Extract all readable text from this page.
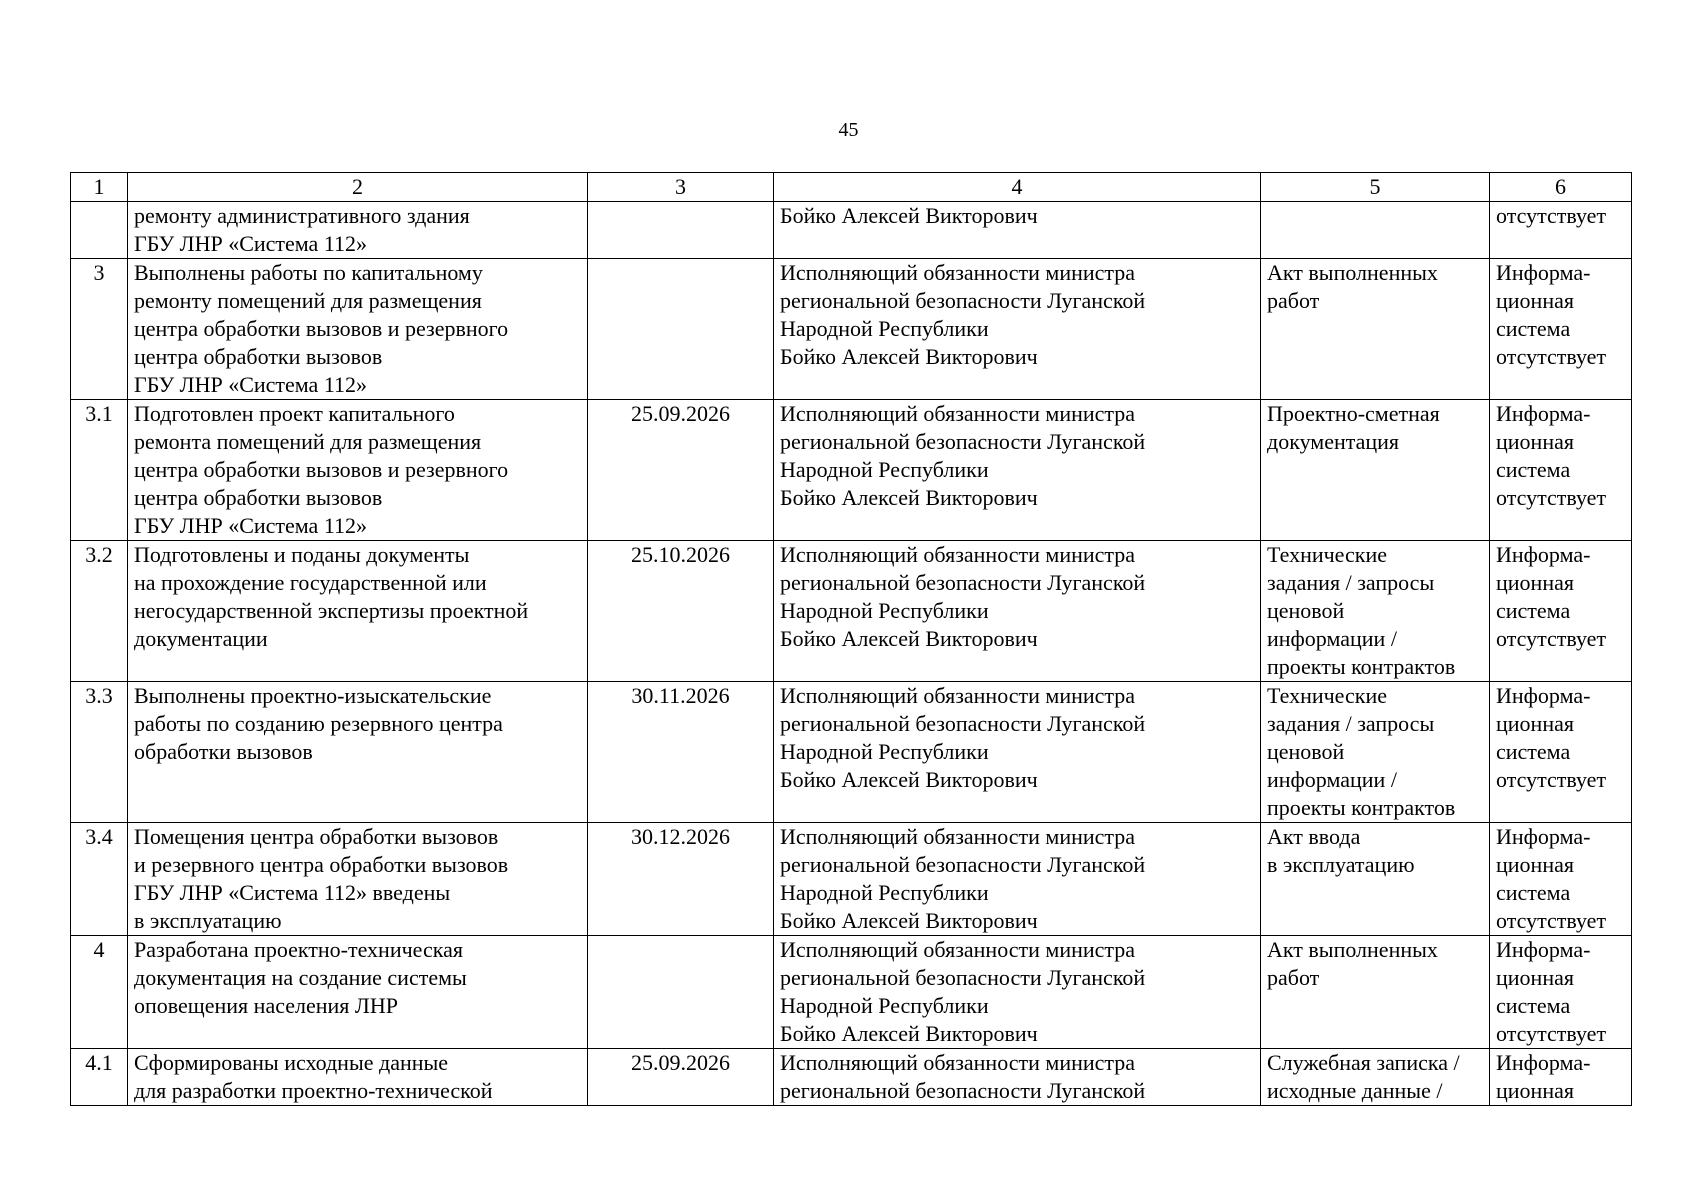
45
1	2	3	4	5	6

	ремонту административного здания
ГБУ ЛНР «Система 112»		Бойко Алексей Викторович		отсутствует

3	Выполнены работы по капитальному
ремонту помещений для размещения
центра обработки вызовов и резервного
центра обработки вызовов
ГБУ ЛНР «Система 112»		Исполняющий обязанности министра
региональной безопасности Луганской
Народной Республики
Бойко Алексей Викторович	Акт выполненных
работ	Информа-
ционная
система
отсутствует

3.1	Подготовлен проект капитального
ремонта помещений для размещения
центра обработки вызовов и резервного
центра обработки вызовов
ГБУ ЛНР «Система 112»	25.09.2026	Исполняющий обязанности министра
региональной безопасности Луганской
Народной Республики
Бойко Алексей Викторович	Проектно-сметная
документация	Информа-
ционная
система
отсутствует

3.2	Подготовлены и поданы документы
на прохождение государственной или
негосударственной экспертизы проектной
документации	25.10.2026	Исполняющий обязанности министра
региональной безопасности Луганской
Народной Республики
Бойко Алексей Викторович	Технические
задания / запросы
ценовой
информации /
проекты контрактов	Информа-
ционная
система
отсутствует

3.3	Выполнены проектно-изыскательские
работы по созданию резервного центра
обработки вызовов	30.11.2026	Исполняющий обязанности министра
региональной безопасности Луганской
Народной Республики
Бойко Алексей Викторович	Технические
задания / запросы
ценовой
информации /
проекты контрактов	Информа-
ционная
система
отсутствует

3.4	Помещения центра обработки вызовов
и резервного центра обработки вызовов
ГБУ ЛНР «Система 112» введены
в эксплуатацию	30.12.2026	Исполняющий обязанности министра
региональной безопасности Луганской
Народной Республики
Бойко Алексей Викторович	Акт ввода
в эксплуатацию	Информа-
ционная
система
отсутствует

4	Разработана проектно-техническая
документация на создание системы
оповещения населения ЛНР		Исполняющий обязанности министра
региональной безопасности Луганской
Народной Республики
Бойко Алексей Викторович	Акт выполненных
работ	Информа-
ционная
система
отсутствует

4.1	Сформированы исходные данные
для разработки проектно-технической	25.09.2026	Исполняющий обязанности министра
региональной безопасности Луганской	Служебная записка /
исходные данные /	Информа-
ционная
